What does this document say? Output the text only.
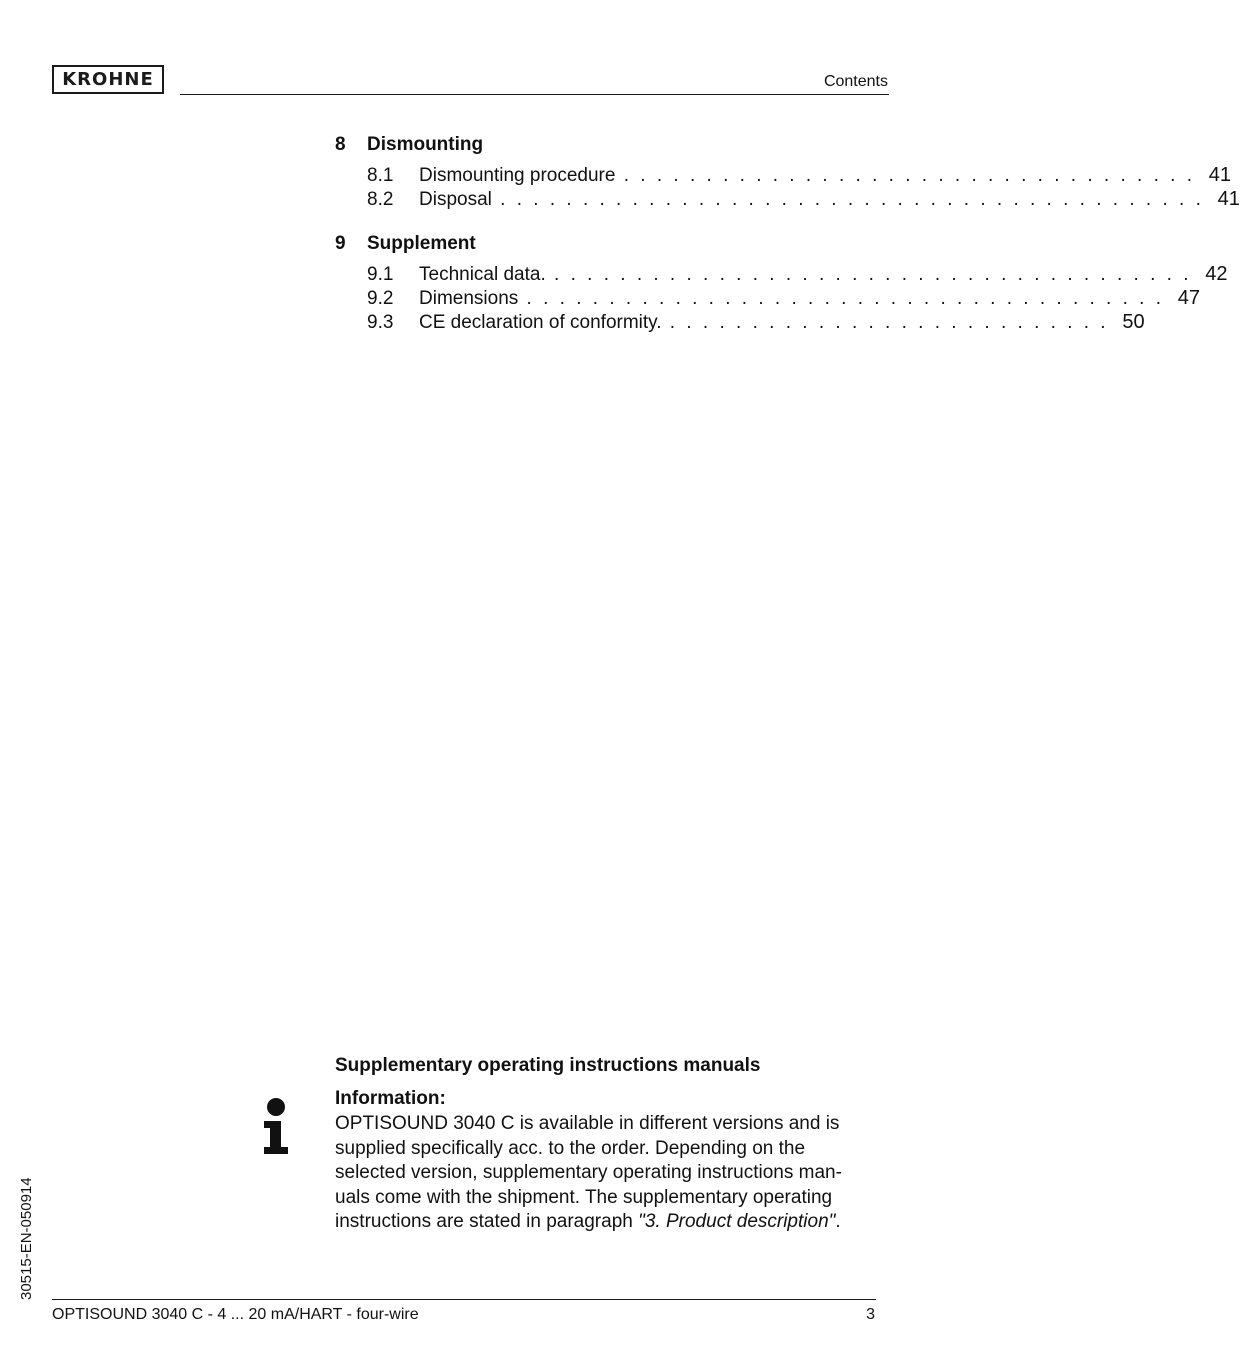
KROHNE	Contents
8 Dismounting
8.1	Dismounting procedure . . . . . . . . . . . . . . . . . . . . . . . . . . . . . . . . . . . 41
8.2	Disposal . . . . . . . . . . . . . . . . . . . . . . . . . . . . . . . . . . . . . . . . . . . 41
9 Supplement
9.1	Technical data. . . . . . . . . . . . . . . . . . . . . . . . . . . . . . . . . . . . . . . . 42
9.2	Dimensions . . . . . . . . . . . . . . . . . . . . . . . . . . . . . . . . . . . . . . . 47
9.3	CE declaration of conformity. . . . . . . . . . . . . . . . . . . . . . . . . . . . 50
Supplementary operating instructions manuals
Information:
OPTISOUND 3040 C is available in different versions and is
supplied specifically acc. to the order. Depending on the
selected version, supplementary operating instructions man-
uals come with the shipment. The supplementary operating
instructions are stated in paragraph "3. Product description".
30515-EN-050914
OPTISOUND 3040 C - 4 ... 20 mA/HART - four-wire	3
